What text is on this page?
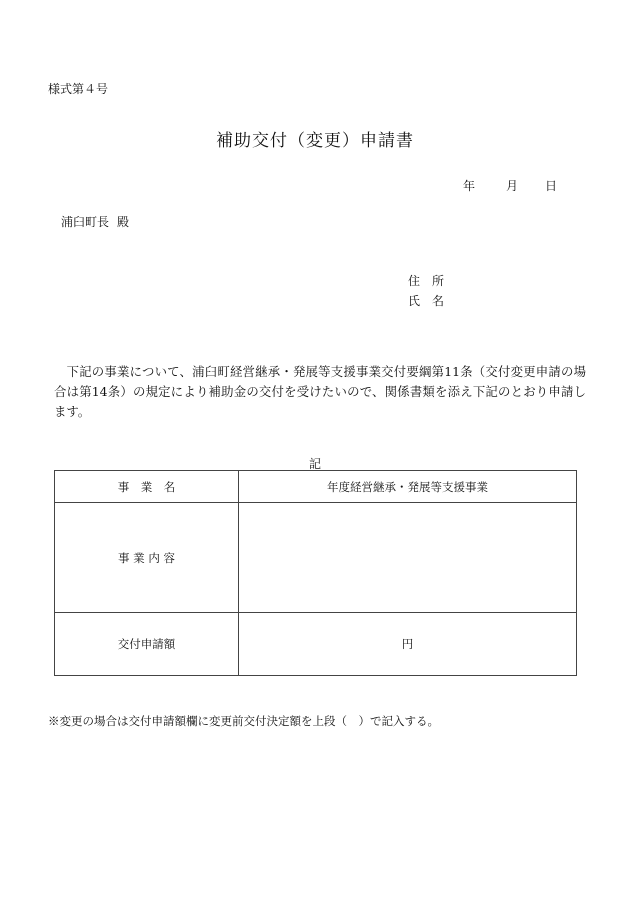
様式第４号
補助交付（変更）申請書
年	月 日
浦臼町長 殿
住　所
氏　名
　下記の事業について、浦臼町経営継承・発展等支援事業交付要綱第11条（交付変更申請の場合は第14条）の規定により補助金の交付を受けたいので、関係書類を添え下記のとおり申請します。
記
事　業　名	年度経営継承・発展等支援事業
事 業 内 容	
交付申請額	円
※変更の場合は交付申請額欄に変更前交付決定額を上段（　）で記入する。
